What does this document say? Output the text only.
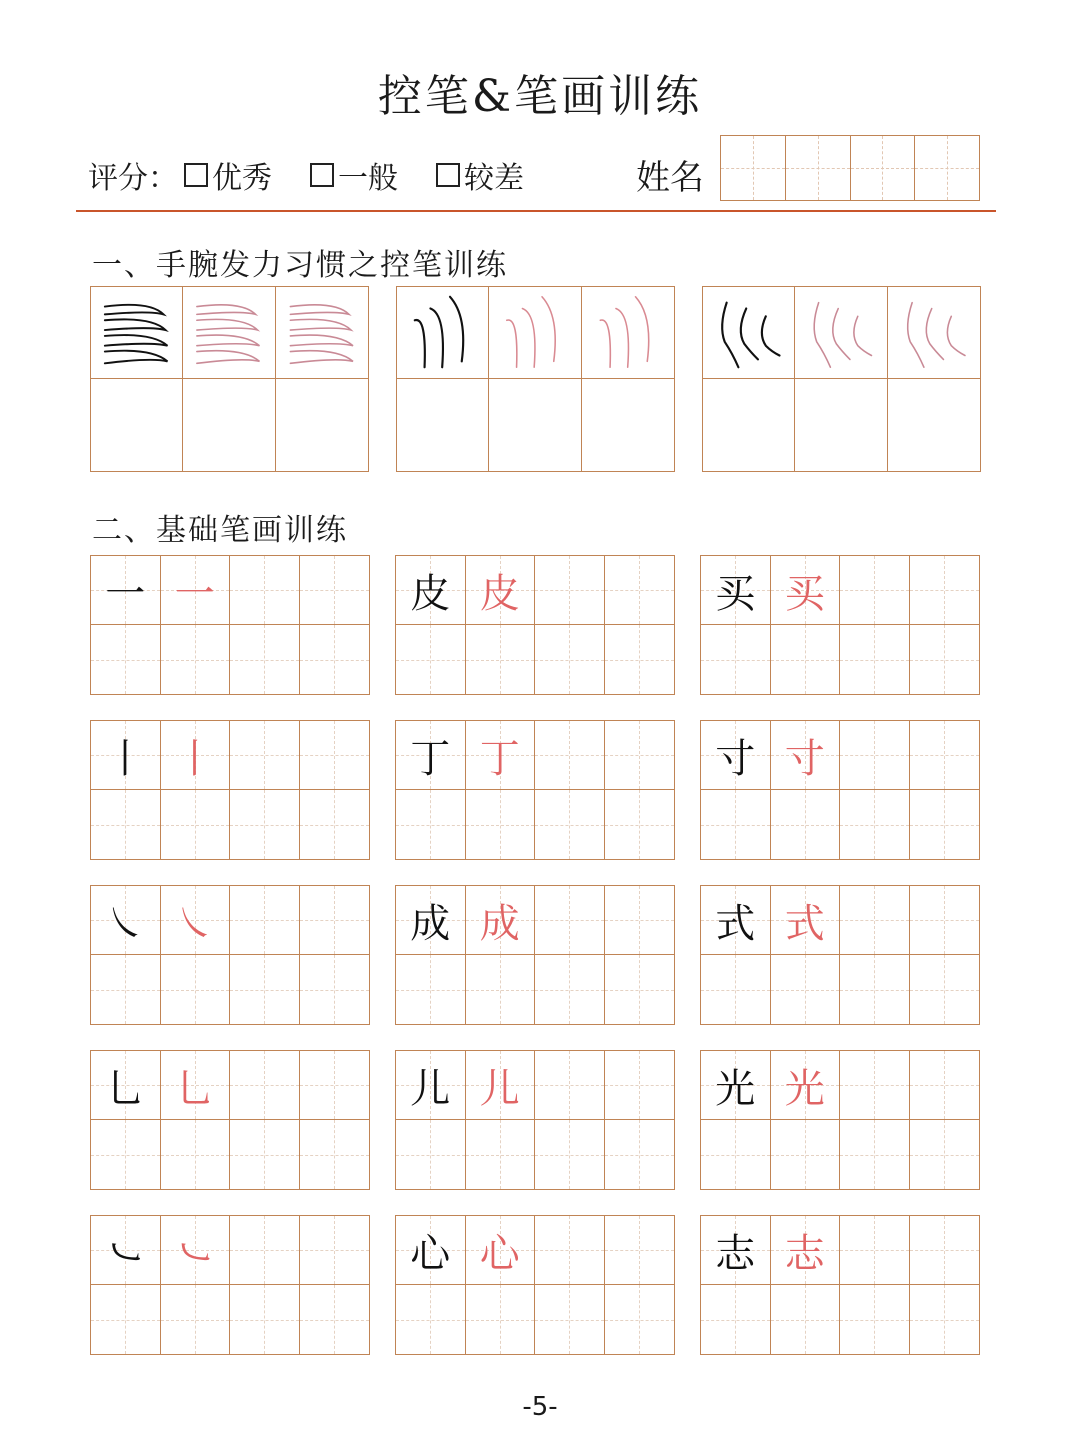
控笔&笔画训练
评分： 优秀 一般 较差	姓名
一、手腕发力习惯之控笔训练
二、基础笔画训练
一 一	皮 皮	买 买
丨 丨	丁 丁	寸 寸
㇏ ㇏	成 成	式 式
乚 乚	儿 儿	光 光
㇃ ㇃	心 心	志 志
-5-
